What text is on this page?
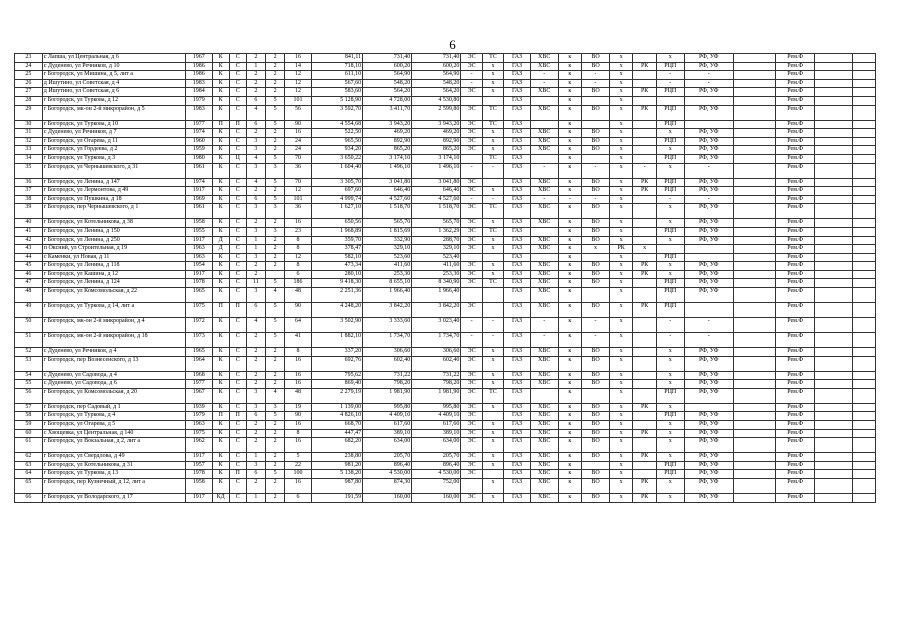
6
23	с Лапша, ул Центральная, д 6	1967	К	С	2	2	16	841,11	731,40	731,40	ЭС	ТС	ГАЗ	ХВС	к	ВО	х		х	РФ, УФ		Рем.Ф		
24	с Дуденево, ул Речников, д 10	1986	К	С	1	2	14	718,10	600,20	600,20	ЭС	х	ГАЗ	ХВС	к	ВО	х	РК	РЦП	РФ, УФ		Рем.Ф		
25	г Богородск, ул Мишина, д 5, лит а	1986	К	С	2	2	12	611,10	564,90	564,90	-	х	ГАЗ	-	к	-	х		-	-		Рем.Ф		
26	д Ишутино, ул Советская, д 4	1983	К	С	2	2	12	567,60	548,20	548,20	-	х	ГАЗ	-	к	-	х		-	-		Рем.Ф		
27	д Ишутино, ул Советская, д 6	1984	К	С	2	2	12	583,60	564,20	564,20	ЭС	х	ГАЗ	ХВС	к	ВО	х	РК	РЦП	РФ, УФ		Рем.Ф		
28	г Богородск, ул Туркова, д 12	1979	К	С	6	5	101	5 128,90	4 728,00	4 530,80			ГАЗ		к		х					Рем.Ф		
29	г Богородск, мк-он 2-й микрорайон, д 5	1983	К	С	4	5	56	3 592,70	3 411,70	2 599,80	ЭС	ТС	ГАЗ	ХВС	к	ВО	х	РК	РЦП	РФ, УФ		Рем.Ф		
30	г Богородск, ул Туркова, д 10	1977	П	П	6	5	90	4 554,68	3 943,20	3 943,20	ЭС	ТС	ГАЗ		к		х		РЦП			Рем.Ф		
31	с Дуденево, ул Речников, д 7	1974	К	С	2	2	16	522,50	469,20	469,20	ЭС	х	ГАЗ	ХВС	к	ВО	х		х	РФ, УФ		Рем.Ф		
32	г Богородск, ул Огарева, д 11	1960	К	С	3	2	24	965,50	892,90	892,90	ЭС	х	ГАЗ	ХВС	к	ВО	х		РЦП	РФ, УФ		Рем.Ф		
33	г Богородск, ул Гордеева, д 2	1959	К	С	3	2	24	934,20	865,20	865,20	ЭС	х	ГАЗ	ХВС	к	ВО	х		х	РФ, УФ		Рем.Ф		
34	г Богородск, ул Туркова, д 3	1980	К	Ц	4	5	70	3 650,22	3 174,10	3 174,10		ТС	ГАЗ		к		х		РЦП	РФ, УФ		Рем.Ф		
35	г Богородск, ул Чернышевского, д 31	1961	К	С	3	3	36	1 604,40	1 496,10	1 496,10	-	-	ГАЗ	-	к	-	х	-	х	-		Рем.Ф		
36	г Богородск, ул Ленина, д 147	1974	К	С	4	5	70	3 305,70	3 041,80	3 041,80	ЭС		ГАЗ	ХВС	к	ВО	х	РК	РЦП	РФ, УФ		Рем.Ф		
37	г Богородск, ул Лермонтова, д 49	1917	К	С	2	2	12	697,60	646,40	646,40	ЭС	х	ГАЗ	ХВС	к	ВО	х	РК	РЦП	РФ, УФ		Рем.Ф		
38	г Богородск, ул Пушкина, д 18	1969	К	С	6	5	101	4 999,74	4 527,60	4 527,60	-	-	ГАЗ	-	-	-	х		-	-		Рем.Ф		
39	г Богородск, пер Чернышевского, д 1	1961	К	С	3	3	36	1 627,10	1 518,70	1 518,70	ЭС	ТС	ГАЗ	ХВС	к	ВО	х		х	РФ, УФ		Рем.Ф		
40	г Богородск, ул Котельникова, д 38	1958	К	С	2	2	16	650,56	565,70	565,70	ЭС	х	ГАЗ	ХВС	к	ВО	х		х	РФ, УФ		Рем.Ф		
41	г Богородск, ул Ленина, д 150	1955	К	С	3	3	23	1 968,89	1 815,69	1 362,29	ЭС	ТС	ГАЗ		к	ВО	х		РЦП	РФ, УФ		Рем.Ф		
42	г Богородск, ул Ленина, д 250	1917	Д	С	1	2	8	359,70	332,90	288,70	ЭС	х	ГАЗ	ХВС	к	ВО	х		х	РФ, УФ		Рем.Ф		
43	п Оксний, ул Строительная, д 19	1963	Д	С	1	2	8	378,47	329,10	329,10	ЭС	х	ГАЗ	ХВС	к	х	РК	х				Рем.Ф		
44	с Каменки, ул Новая, д 11	1963	К	С	3	2	12	582,10	523,60	523,40			ГАЗ		к		х		РЦП			Рем.Ф		
45	г Богородск, ул Ленина, д 118	1954	К	С	2	2	8	473,34	411,60	411,60	ЭС	х	ГАЗ	ХВС	к	ВО	х	РК	х	РФ, УФ		Рем.Ф		
46	г Богородск, ул Кашина, д 12	1917	К	С	2		6	280,10	253,30	253,30	ЭС	х	ГАЗ	ХВС	к	ВО	х	РК	х	РФ, УФ		Рем.Ф		
47	г Богородск, ул Ленина, д 124	1978	К	С	11	5	186	9 418,30	8 655,10	8 340,90	ЭС	ТС	ГАЗ	ХВС	к	ВО	х		РЦП	РФ, УФ		Рем.Ф		
48	г Богородск, ул Комсомольская, д 22	1965	К	С	3	4	48	2 251,36	1 966,40	1 966,40			ГАЗ	ХВС	к		х		РЦП	РФ, УФ		Рем.Ф		
49	г Богородск, ул Туркова, д 14, лит а	1975	П	П	6	5	90	4 248,20	3 842,20	3 842,20	ЭС		ГАЗ	ХВС	к	ВО	х	РК	РЦП			Рем.Ф		
50	г Богородск, мк-он 2-й микрорайон, д 4	1972	К	С	4	5	64	3 502,90	3 333,60	3 023,40	-	-	ГАЗ	-	к	-	х		-	-		Рем.Ф		
51	г Богородск, мк-он 2-й микрорайон, д 18	1973	К	С	2	5	41	1 882,10	1 734,70	1 734,70	-	-	ГАЗ	-	к	-	х		-	-		Рем.Ф		
52	с Дуденево, ул Речников, д 4	1965	К	С	2	2	8	337,20	306,60	306,60	ЭС	х	ГАЗ	ХВС	к	ВО	х		х	РФ, УФ		Рем.Ф		
53	г Богородск, пер Вознесенского, д 13	1964	К	С	2	2	16	692,76	602,40	602,40	ЭС	х	ГАЗ	ХВС	к	ВО	х		х	РФ, УФ		Рем.Ф		
54	с Дуденево, ул Садовода, д 4	1968	К	С	2	2	16	795,62	731,22	731,22	ЭС	х	ГАЗ	ХВС	к	ВО	х		х	РФ, УФ		Рем.Ф		
55	с Дуденево, ул Садовода, д 6	1977	К	С	2	2	16	869,40	798,20	798,20	ЭС	х	ГАЗ	ХВС	к	ВО	х		х	РФ, УФ		Рем.Ф		
56	г Богородск, ул Комсомольская, д 20	1967	К	С	3	4	48	2 279,19	1 981,90	1 981,90	ЭС	ТС	ГАЗ		к		х		РЦП	РФ, УФ		Рем.Ф		
57	г Богородск, пер Садовый, д 1	1939	К	С	3	3	19	1 139,00	995,80	995,80	ЭС	х	ГАЗ	ХВС	к	ВО	х	РК	х			Рем.Ф		
58	г Богородск, ул Туркова, д 4	1979	П	П	6	5	90	4 826,10	4 409,10	4 409,10	ЭС		ГАЗ	ХВС	к	ВО	х		РЦП	РФ, УФ		Рем.Ф		
59	г Богородск, ул Огарева, д 5	1963	К	С	2	2	16	668,70	617,60	617,60	ЭС	х	ГАЗ	ХВС	к	ВО	х		х	РФ, УФ		Рем.Ф		
60	с Хвощевка, ул Центральная, д 140	1975	К	С	2	2	8	447,47	389,10	389,10	ЭС	х	ГАЗ	ХВС	к	ВО	х	РК	х	РФ, УФ		Рем.Ф		
61	г Богородск, ул Вокзальная, д 2, лит а	1962	К	С	2	2	16	682,20	634,00	634,00	ЭС	х	ГАЗ	ХВС	к	ВО	х		х	РФ, УФ		Рем.Ф		
62	г Богородск, ул Свердлова, д 49	1917	К	С	1	2	5	238,80	205,70	205,70	ЭС	х	ГАЗ	ХВС	к	ВО	х	РК	х	РФ, УФ		Рем.Ф		
63	г Богородск, ул Котельникова, д 31	1957	К	С	3	2	22	981,20	896,40	896,40	ЭС	х	ГАЗ	ХВС	к		х		РЦП	РФ, УФ		Рем.Ф		
64	г Богородск, ул Туркова, д 13	1978	К	П	6	5	100	5 138,20	4 530,00	4 530,00	ЭС		ГАЗ	ХВС	к	ВО	х		РЦП	РФ, УФ		Рем.Ф		
65	г Богородск, пер Кузнечный, д 12, лит а	1958	К	С	2	2	16	987,80	874,30	752,00		х	ГАЗ	ХВС	к	ВО	х	РК	х	РФ, УФ		Рем.Ф		
66	г Богородск, ул Володарского, д 17	1917	КД	С	1	2	6	191,59	160,00	160,00	ЭС	х	ГАЗ	ХВС	к	ВО	х	РК	х	РФ, УФ		Рем.Ф		
